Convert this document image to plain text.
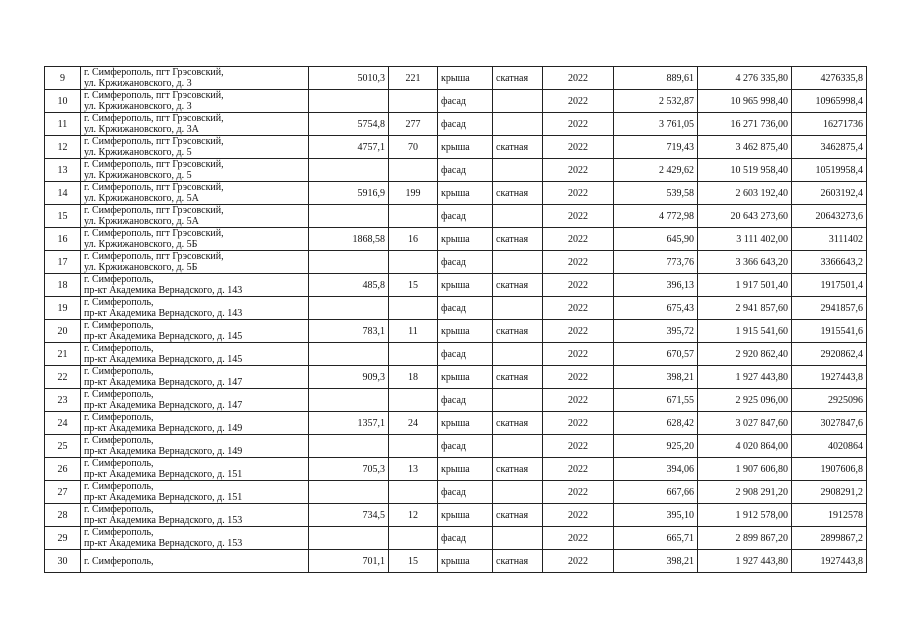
9	г. Симферополь, пгт Грэсовский,
ул. Кржижановского, д. 3	5010,3	221	крыша	скатная	2022	889,61	4 276 335,80	4276335,8
10	г. Симферополь, пгт Грэсовский,
ул. Кржижановского, д. 3			фасад		2022	2 532,87	10 965 998,40	10965998,4
11	г. Симферополь, пгт Грэсовский,
ул. Кржижановского, д. 3А	5754,8	277	фасад		2022	3 761,05	16 271 736,00	16271736
12	г. Симферополь, пгт Грэсовский,
ул. Кржижановского, д. 5	4757,1	70	крыша	скатная	2022	719,43	3 462 875,40	3462875,4
13	г. Симферополь, пгт Грэсовский,
ул. Кржижановского, д. 5			фасад		2022	2 429,62	10 519 958,40	10519958,4
14	г. Симферополь, пгт Грэсовский,
ул. Кржижановского, д. 5А	5916,9	199	крыша	скатная	2022	539,58	2 603 192,40	2603192,4
15	г. Симферополь, пгт Грэсовский,
ул. Кржижановского, д. 5А			фасад		2022	4 772,98	20 643 273,60	20643273,6
16	г. Симферополь, пгт Грэсовский,
ул. Кржижановского, д. 5Б	1868,58	16	крыша	скатная	2022	645,90	3 111 402,00	3111402
17	г. Симферополь, пгт Грэсовский,
ул. Кржижановского, д. 5Б			фасад		2022	773,76	3 366 643,20	3366643,2
18	г. Симферополь,
пр-кт Академика Вернадского, д. 143	485,8	15	крыша	скатная	2022	396,13	1 917 501,40	1917501,4
19	г. Симферополь,
пр-кт Академика Вернадского, д. 143			фасад		2022	675,43	2 941 857,60	2941857,6
20	г. Симферополь,
пр-кт Академика Вернадского, д. 145	783,1	11	крыша	скатная	2022	395,72	1 915 541,60	1915541,6
21	г. Симферополь,
пр-кт Академика Вернадского, д. 145			фасад		2022	670,57	2 920 862,40	2920862,4
22	г. Симферополь,
пр-кт Академика Вернадского, д. 147	909,3	18	крыша	скатная	2022	398,21	1 927 443,80	1927443,8
23	г. Симферополь,
пр-кт Академика Вернадского, д. 147			фасад		2022	671,55	2 925 096,00	2925096
24	г. Симферополь,
пр-кт Академика Вернадского, д. 149	1357,1	24	крыша	скатная	2022	628,42	3 027 847,60	3027847,6
25	г. Симферополь,
пр-кт Академика Вернадского, д. 149			фасад		2022	925,20	4 020 864,00	4020864
26	г. Симферополь,
пр-кт Академика Вернадского, д. 151	705,3	13	крыша	скатная	2022	394,06	1 907 606,80	1907606,8
27	г. Симферополь,
пр-кт Академика Вернадского, д. 151			фасад		2022	667,66	2 908 291,20	2908291,2
28	г. Симферополь,
пр-кт Академика Вернадского, д. 153	734,5	12	крыша	скатная	2022	395,10	1 912 578,00	1912578
29	г. Симферополь,
пр-кт Академика Вернадского, д. 153			фасад		2022	665,71	2 899 867,20	2899867,2
30	г. Симферополь,	701,1	15	крыша	скатная	2022	398,21	1 927 443,80	1927443,8
